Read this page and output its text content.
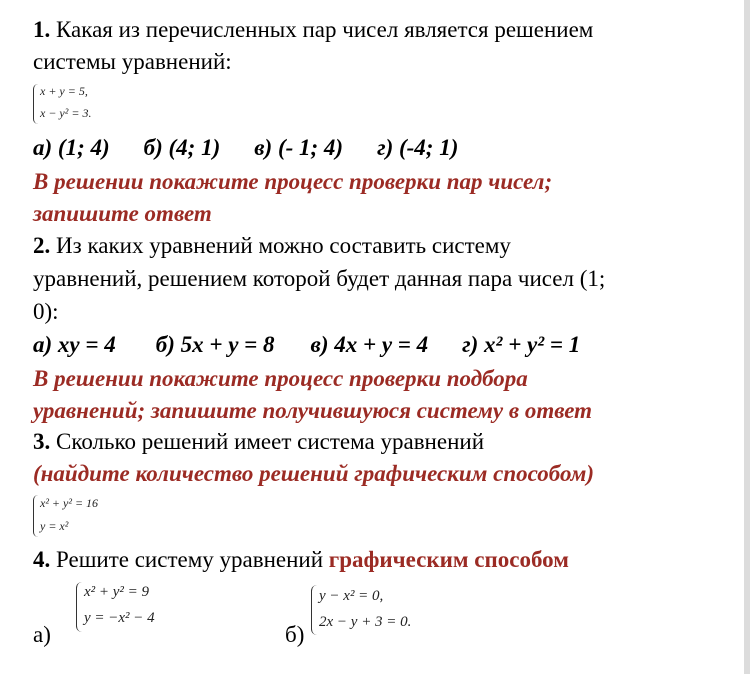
1. Какая из перечисленных пар чисел является решением
системы уравнений:
x + y = 5,
x − y² = 3.
а) (1; 4) б) (4; 1) в) (- 1; 4) г) (-4; 1)
В решении покажите процесс проверки пар чисел;
запишите ответ
2. Из каких уравнений можно составить систему
уравнений, решением которой будет данная пара чисел (1;
0):
а) xy = 4 б) 5x + y = 8 в) 4x + y = 4 г) x² + y² = 1
В решении покажите процесс проверки подбора
уравнений; запишите получившуюся систему в ответ
3. Сколько решений имеет система уравнений
(найдите количество решений графическим способом)
x² + y² = 16
y = x²
4. Решите систему уравнений графическим способом
а)
x² + y² = 9
y = −x² − 4
б)
y − x² = 0,
2x − y + 3 = 0.
